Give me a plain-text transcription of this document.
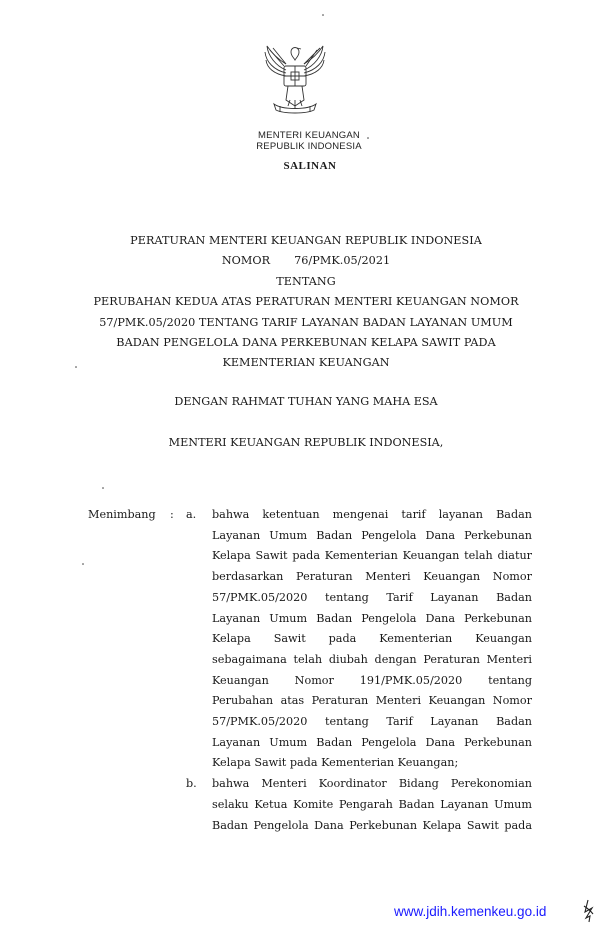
MENTERI KEUANGAN
REPUBLIK INDONESIA
SALINAN
PERATURAN MENTERI KEUANGAN REPUBLIK INDONESIA
NOMOR 76/PMK.05/2021
TENTANG
PERUBAHAN KEDUA ATAS PERATURAN MENTERI KEUANGAN NOMOR
57/PMK.05/2020 TENTANG TARIF LAYANAN BADAN LAYANAN UMUM
BADAN PENGELOLA DANA PERKEBUNAN KELAPA SAWIT PADA
KEMENTERIAN KEUANGAN
DENGAN RAHMAT TUHAN YANG MAHA ESA
MENTERI KEUANGAN REPUBLIK INDONESIA,
Menimbang	:	a.	bahwa ketentuan mengenai tarif layanan Badan
Layanan Umum Badan Pengelola Dana Perkebunan
Kelapa Sawit pada Kementerian Keuangan telah diatur
berdasarkan Peraturan Menteri Keuangan Nomor
57/PMK.05/2020 tentang Tarif Layanan Badan
Layanan Umum Badan Pengelola Dana Perkebunan
Kelapa Sawit pada Kementerian Keuangan
sebagaimana telah diubah dengan Peraturan Menteri
Keuangan Nomor 191/PMK.05/2020 tentang
Perubahan atas Peraturan Menteri Keuangan Nomor
57/PMK.05/2020 tentang Tarif Layanan Badan
Layanan Umum Badan Pengelola Dana Perkebunan
Kelapa Sawit pada Kementerian Keuangan;
b.	bahwa Menteri Koordinator Bidang Perekonomian
selaku Ketua Komite Pengarah Badan Layanan Umum
Badan Pengelola Dana Perkebunan Kelapa Sawit pada
www.jdih.kemenkeu.go.id
